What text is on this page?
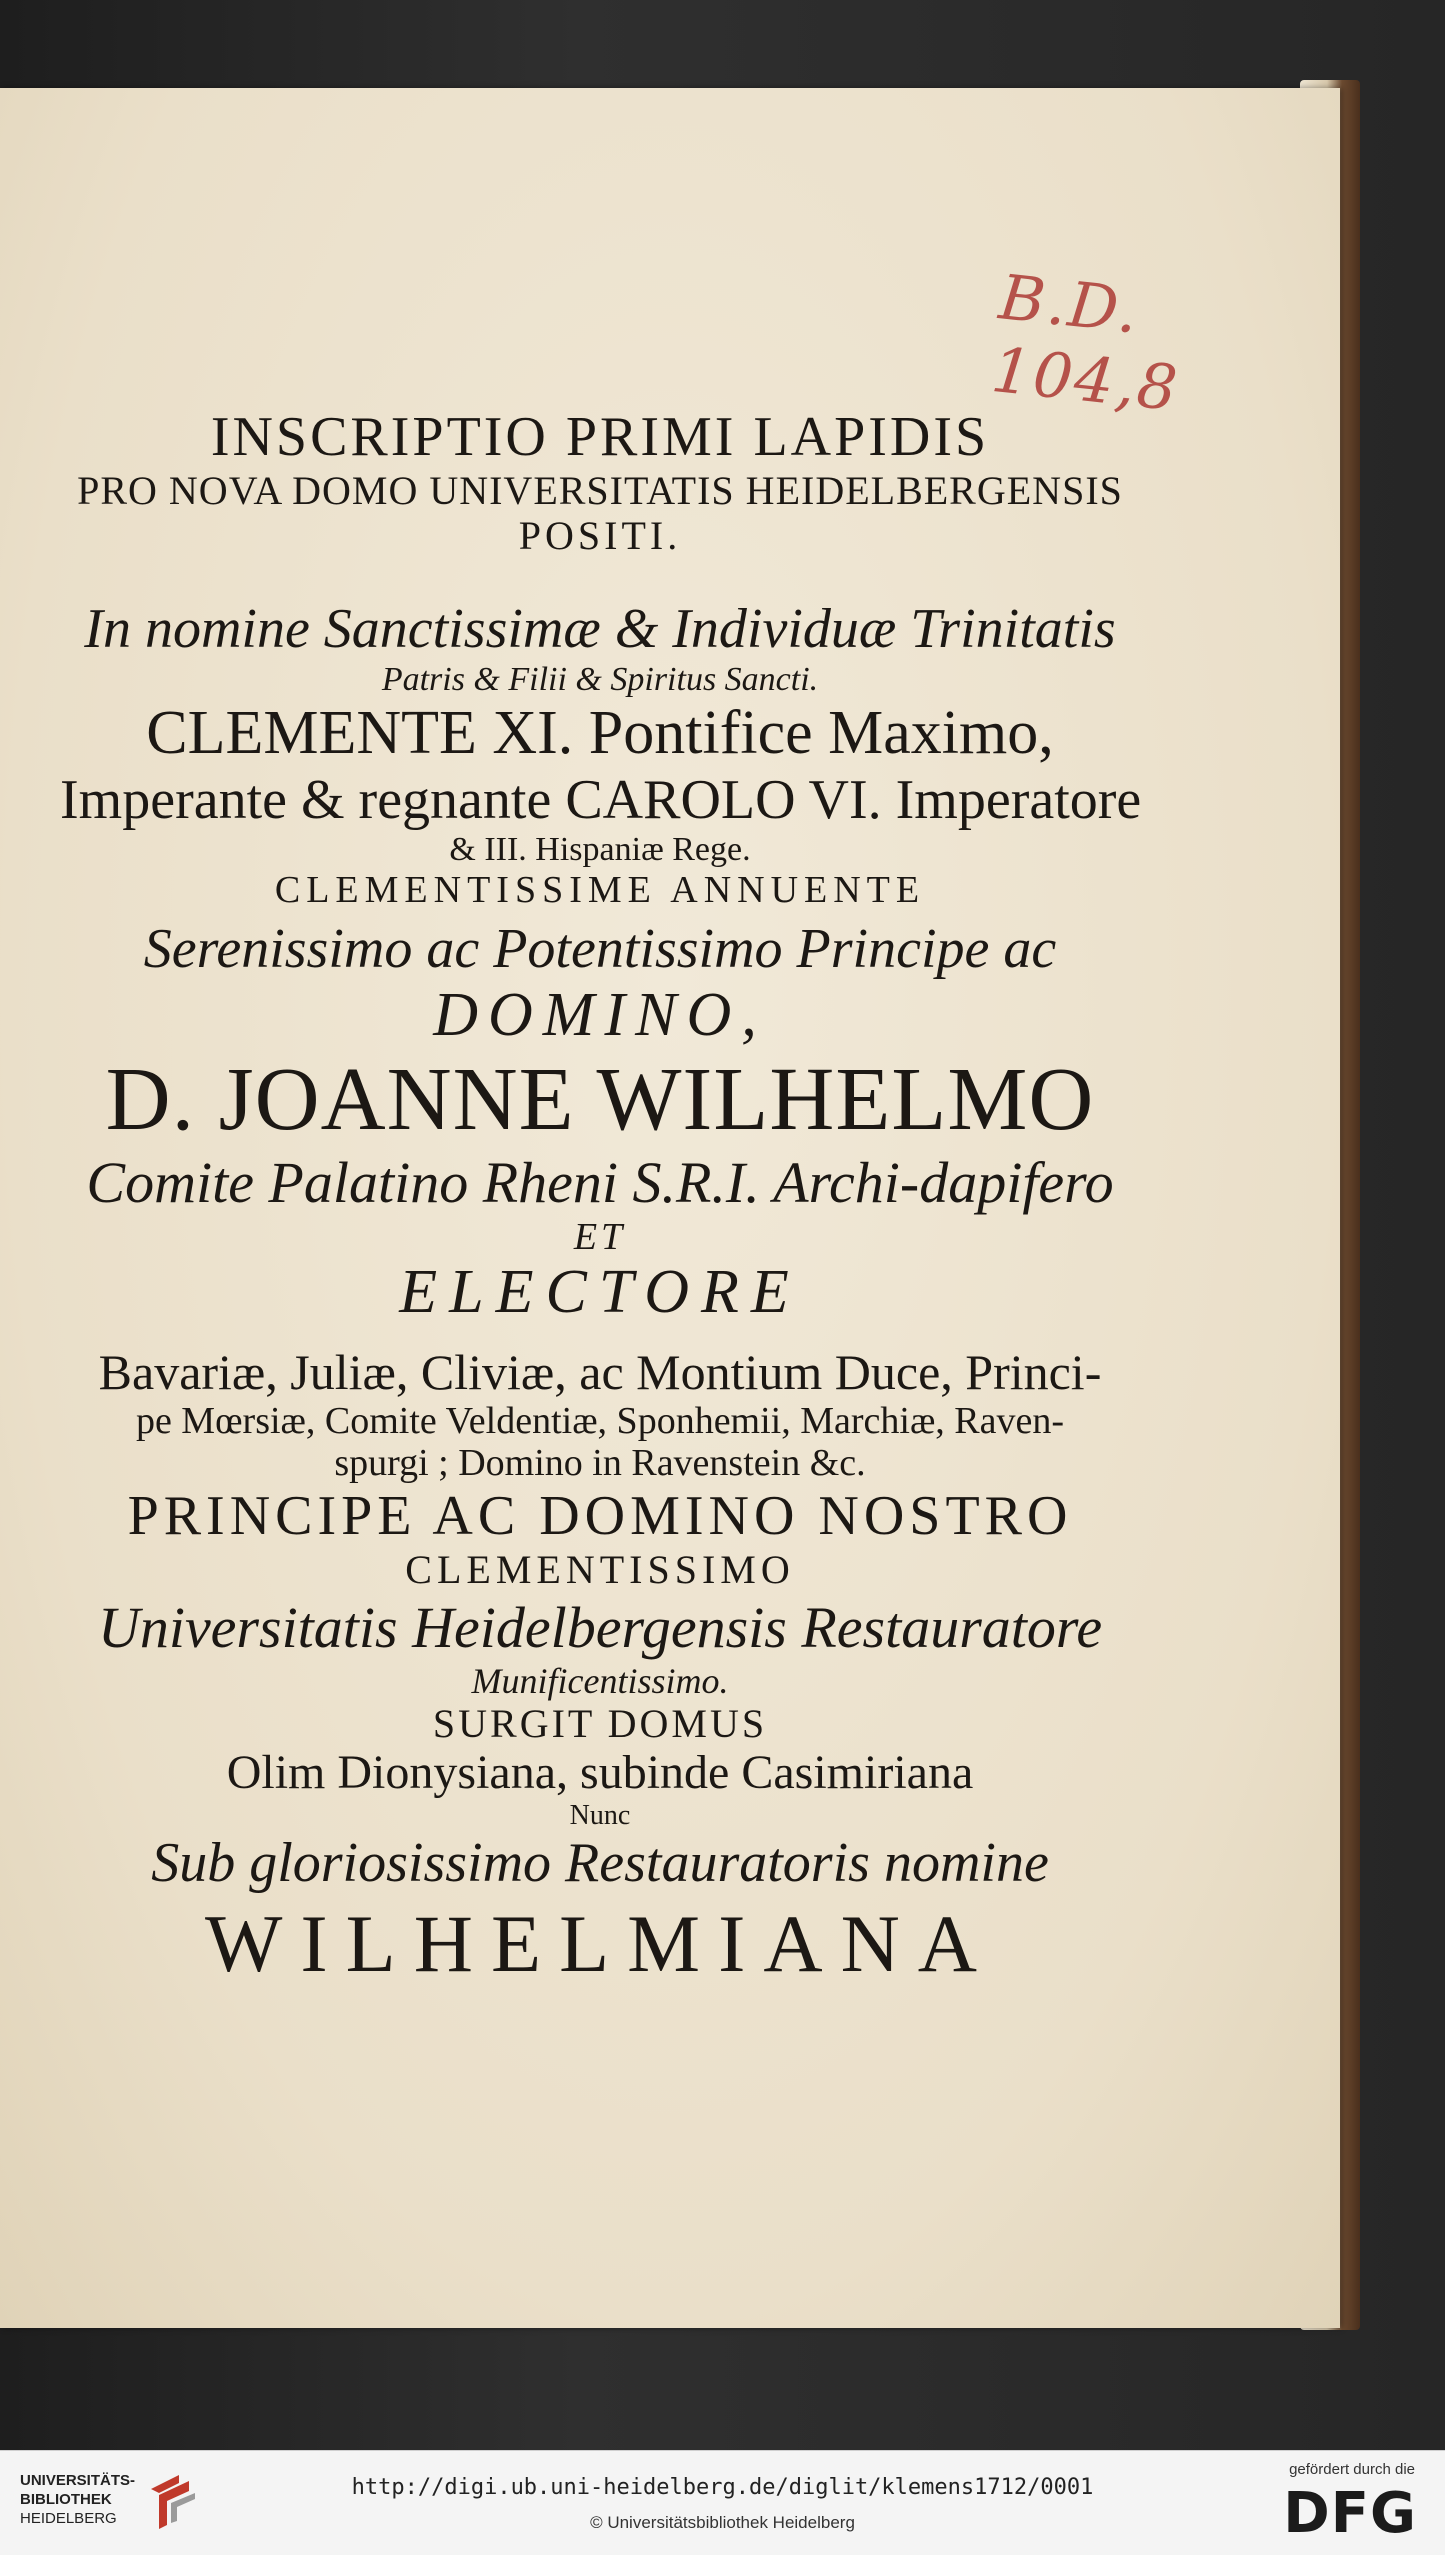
B.D. 104,8
INSCRIPTIO PRIMI LAPIDIS
PRO NOVA DOMO UNIVERSITATIS HEIDELBERGENSIS
POSITI.
In nomine Sanctissimæ & Individuæ Trinitatis
Patris & Filii & Spiritus Sancti.
CLEMENTE XI. Pontifice Maximo,
Imperante & regnante CAROLO VI. Imperatore
& III. Hispaniæ Rege.
CLEMENTISSIME ANNUENTE
Serenissimo ac Potentissimo Principe ac
DOMINO,
D. JOANNE WILHELMO
Comite Palatino Rheni S.R.I. Archi-dapifero
ET
ELECTORE
Bavariæ, Juliæ, Cliviæ, ac Montium Duce, Princi-
pe Mœrsiæ, Comite Veldentiæ, Sponhemii, Marchiæ, Raven-
spurgi ; Domino in Ravenstein &c.
PRINCIPE AC DOMINO NOSTRO
CLEMENTISSIMO
Universitatis Heidelbergensis Restauratore
Munificentissimo.
SURGIT DOMUS
Olim Dionysiana, subinde Casimiriana
Nunc
Sub gloriosissimo Restauratoris nomine
WILHELMIANA
UNIVERSITÄTS-
BIBLIOTHEK
HEIDELBERG
http://digi.ub.uni-heidelberg.de/diglit/klemens1712/0001
© Universitätsbibliothek Heidelberg
gefördert durch die
DFG
